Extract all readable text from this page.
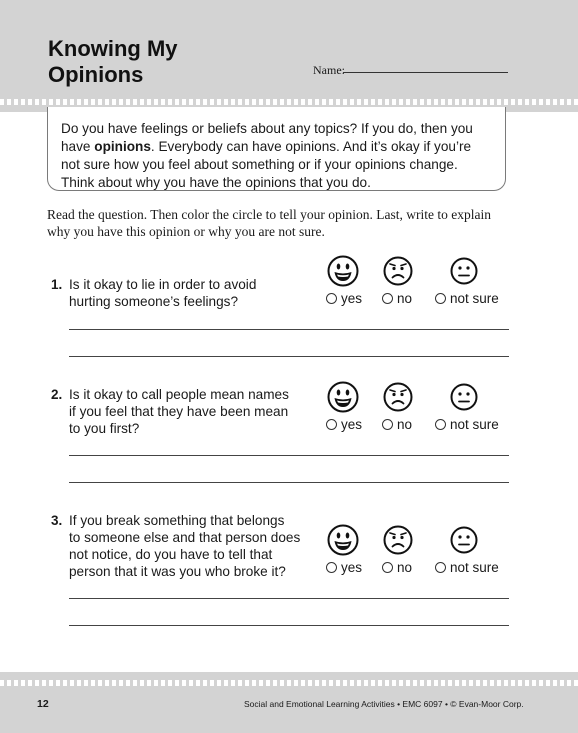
Knowing My
Opinions	Name:
Do you have feelings or beliefs about any topics? If you do, then you have opinions. Everybody can have opinions. And it’s okay if you’re not sure how you feel about something or if your opinions change. Think about why you have the opinions that you do.
Read the question. Then color the circle to tell your opinion. Last, write to explain why you have this opinion or why you are not sure.
1. Is it okay to lie in order to avoid
hurting someone’s feelings?
2. Is it okay to call people mean names
if you feel that they have been mean
to you first?
3. If you break something that belongs
to someone else and that person does
not notice, do you have to tell that
person that it was you who broke it?
yes	no	not sure
yes	no	not sure
yes	no	not sure
12	Social and Emotional Learning Activities • EMC 6097 • © Evan-Moor Corp.
